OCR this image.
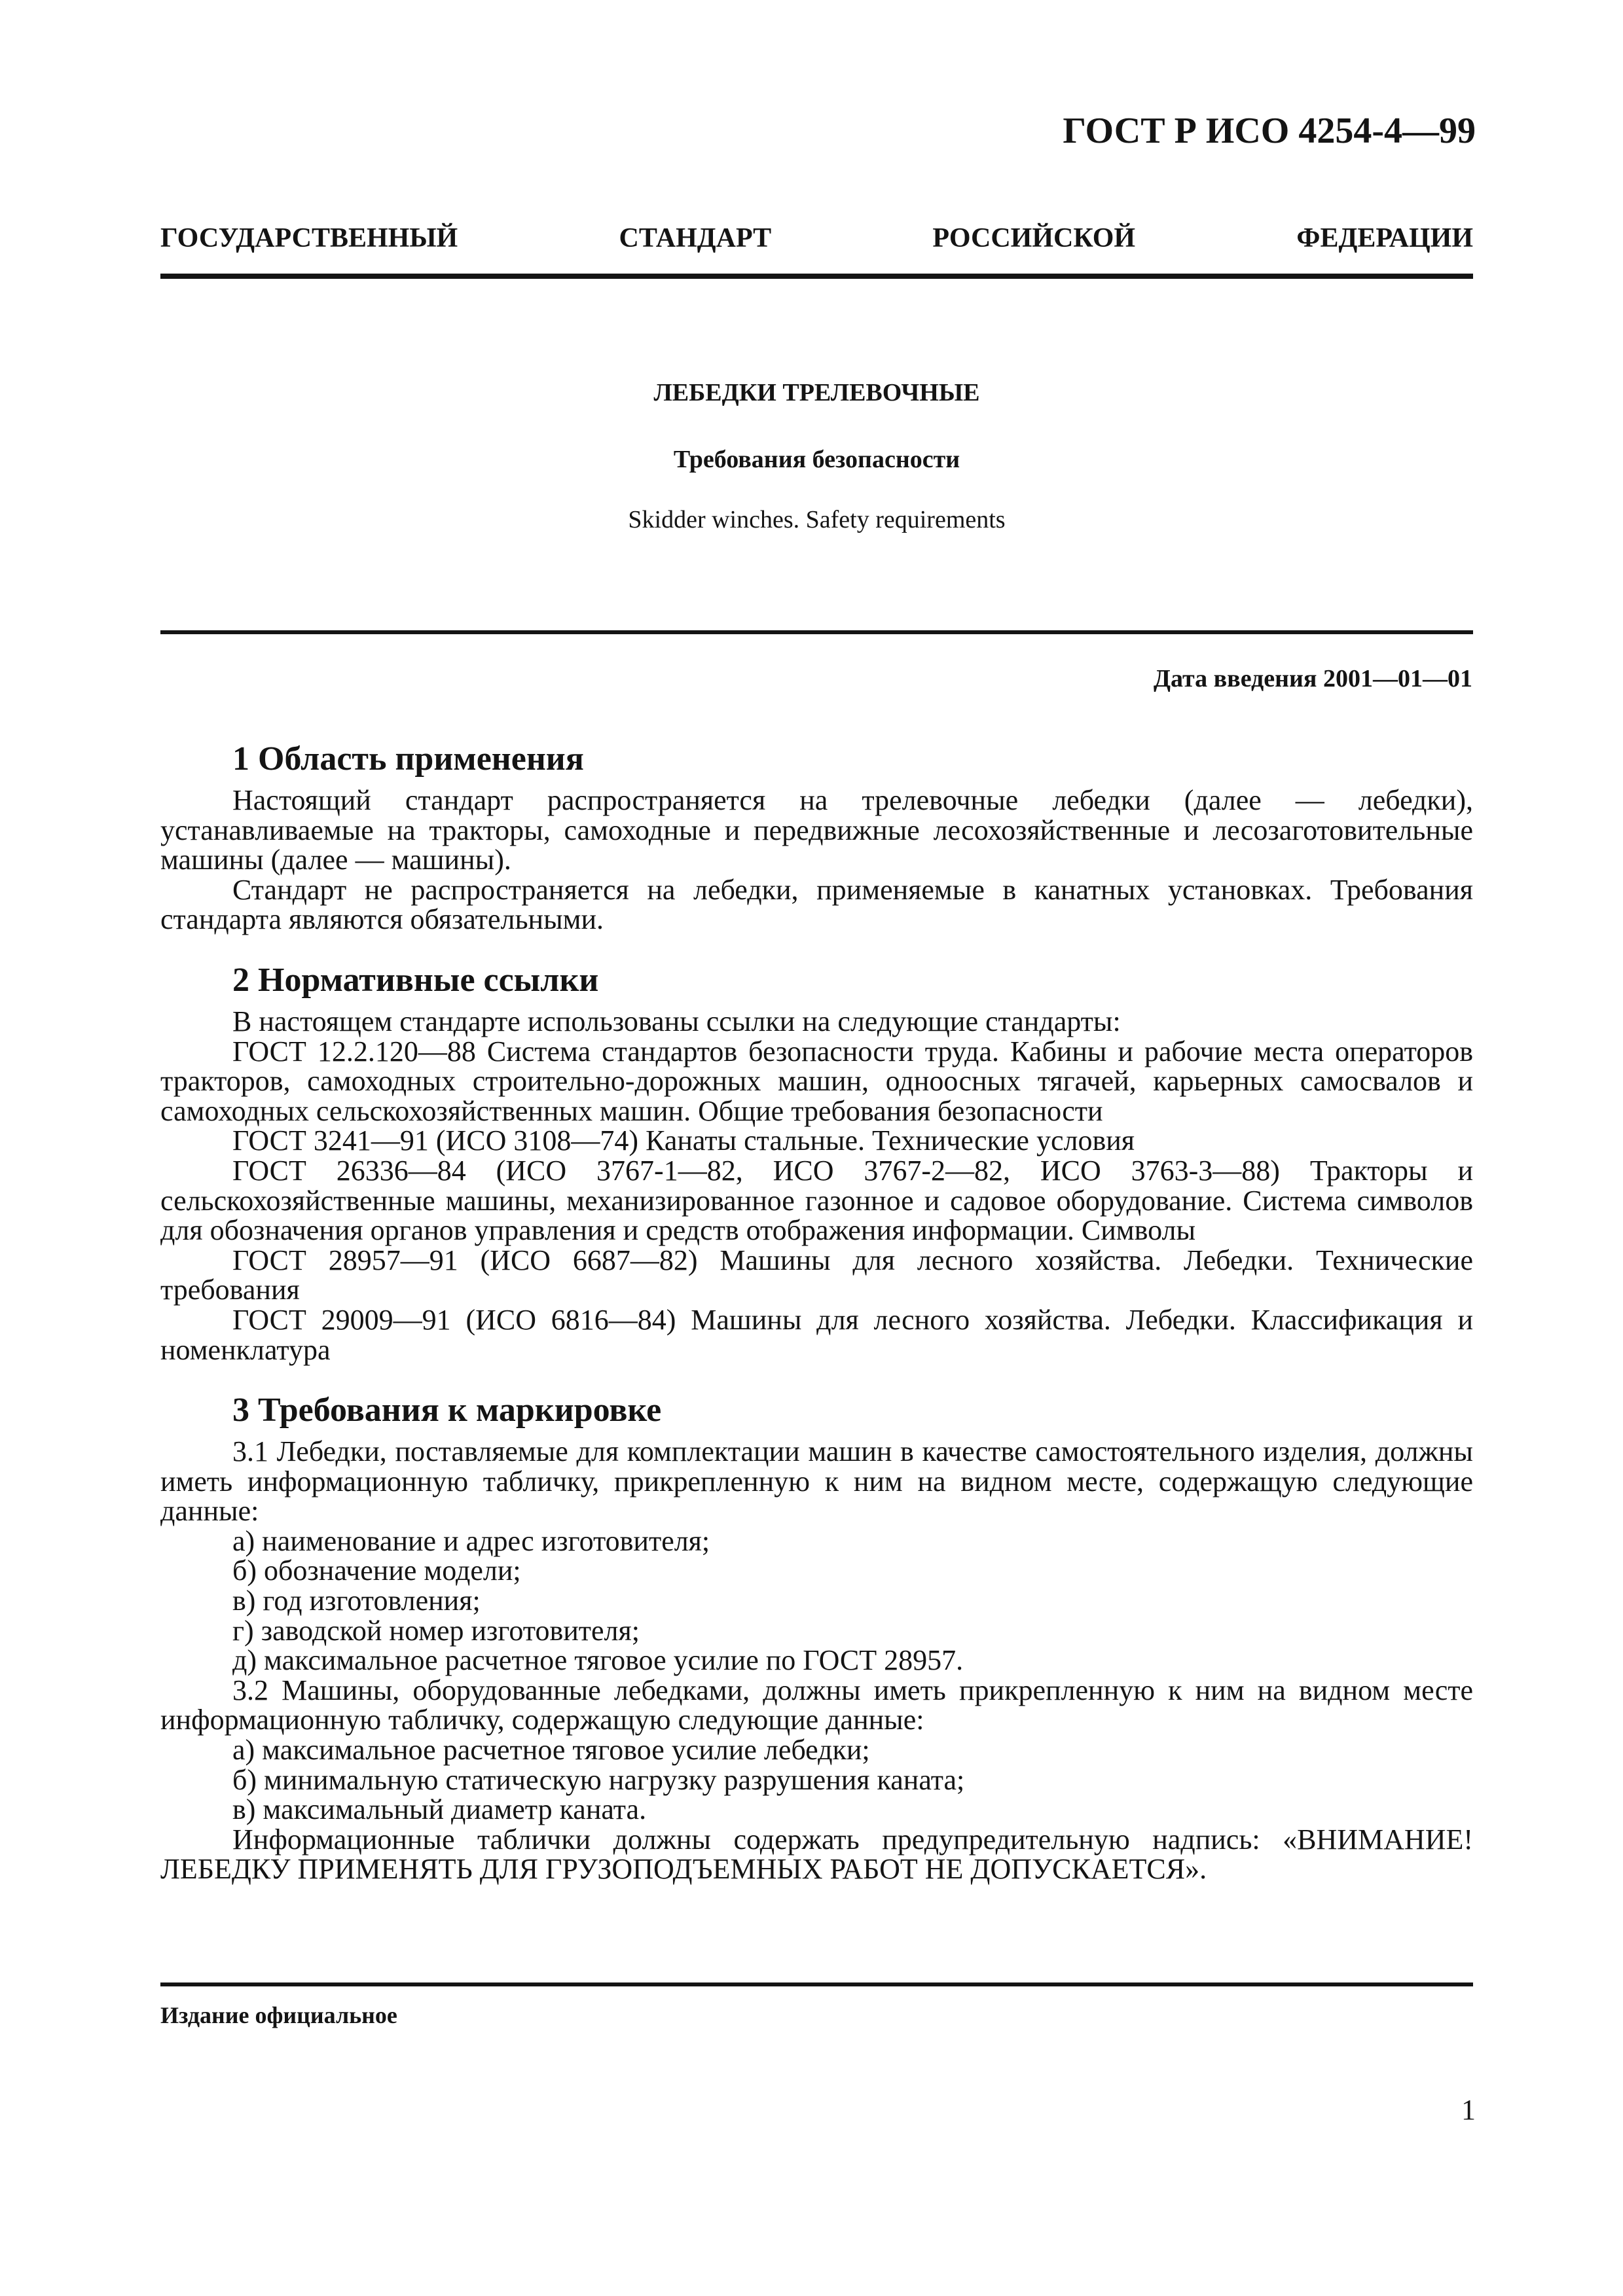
ГОСТ Р ИСО 4254-4—99
ГОСУДАРСТВЕННЫЙ СТАНДАРТ РОССИЙСКОЙ ФЕДЕРАЦИИ
ЛЕБЕДКИ ТРЕЛЕВОЧНЫЕ
Требования безопасности
Skidder winches. Safety requirements
Дата введения 2001—01—01
1 Область применения

Настоящий стандарт распространяется на трелевочные лебедки (далее — лебедки), устанавливаемые на тракторы, самоходные и передвижные лесохозяйственные и лесозаготовительные машины (далее — машины).

Стандарт не распространяется на лебедки, применяемые в канатных установках. Требования стандарта являются обязательными.

2 Нормативные ссылки

В настоящем стандарте использованы ссылки на следующие стандарты:

ГОСТ 12.2.120—88 Система стандартов безопасности труда. Кабины и рабочие места операторов тракторов, самоходных строительно-дорожных машин, одноосных тягачей, карьерных самосвалов и самоходных сельскохозяйственных машин. Общие требования безопасности

ГОСТ 3241—91 (ИСО 3108—74) Канаты стальные. Технические условия

ГОСТ 26336—84 (ИСО 3767-1—82, ИСО 3767-2—82, ИСО 3763-3—88) Тракторы и сельскохозяйственные машины, механизированное газонное и садовое оборудование. Система символов для обозначения органов управления и средств отображения информации. Символы

ГОСТ 28957—91 (ИСО 6687—82) Машины для лесного хозяйства. Лебедки. Технические требования

ГОСТ 29009—91 (ИСО 6816—84) Машины для лесного хозяйства. Лебедки. Классификация и номенклатура

3 Требования к маркировке

3.1 Лебедки, поставляемые для комплектации машин в качестве самостоятельного изделия, должны иметь информационную табличку, прикрепленную к ним на видном месте, содержащую следующие данные:

а) наименование и адрес изготовителя;

б) обозначение модели;

в) год изготовления;

г) заводской номер изготовителя;

д) максимальное расчетное тяговое усилие по ГОСТ 28957.

3.2 Машины, оборудованные лебедками, должны иметь прикрепленную к ним на видном месте информационную табличку, содержащую следующие данные:

а) максимальное расчетное тяговое усилие лебедки;

б) минимальную статическую нагрузку разрушения каната;

в) максимальный диаметр каната.

Информационные таблички должны содержать предупредительную надпись: «ВНИМАНИЕ! ЛЕБЕДКУ ПРИМЕНЯТЬ ДЛЯ ГРУЗОПОДЪЕМНЫХ РАБОТ НЕ ДОПУСКАЕТСЯ».

Издание официальное
1
